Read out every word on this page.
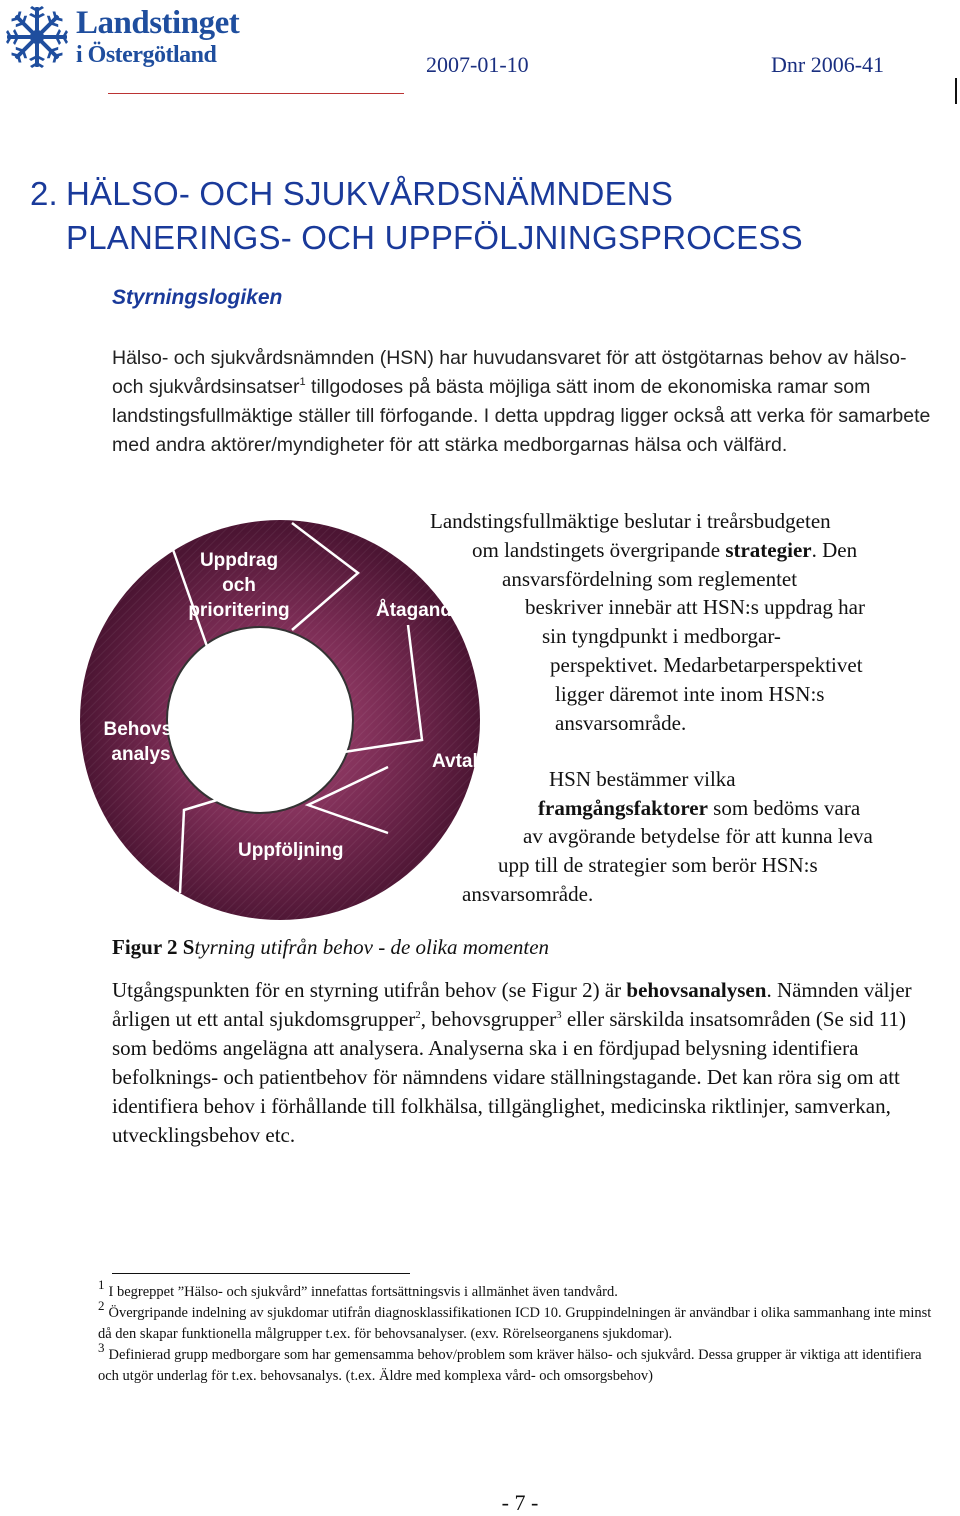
Landstinget
i Östergötland	2007-01-10	Dnr 2006-41
2. HÄLSO- OCH SJUKVÅRDSNÄMNDENS
PLANERINGS- OCH UPPFÖLJNINGSPROCESS
Styrningslogiken
Hälso- och sjukvårdsnämnden (HSN) har huvudansvaret för att östgötarnas behov av hälso- och sjukvårdsinsatser$^1$ tillgodoses på bästa möjliga sätt inom de ekonomiska ramar som landstingsfullmäktige ställer till förfogande. I detta uppdrag ligger också att verka för samarbete med andra aktörer/myndigheter för att stärka medborgarnas hälsa och välfärd.
Uppdrag
och
prioritering	Åtagande
Avtal
Uppföljning
Behovs-
analys

Landstingsfullmäktige beslutar i treårsbudgeten

om landstingets övergripande strategier. Den

ansvarsfördelning som reglementet

beskriver innebär att HSN:s uppdrag har

sin tyngdpunkt i medborgar-

perspektivet. Medarbetarperspektivet

ligger däremot inte inom HSN:s

ansvarsområde.

HSN bestämmer vilka

framgångsfaktorer som bedöms vara

av avgörande betydelse för att kunna leva

upp till de strategier som berör HSN:s

ansvarsområde.

Figur 2 Styrning utifrån behov - de olika momenten
Utgångspunkten för en styrning utifrån behov (se Figur 2) är behovsanalysen. Nämnden väljer årligen ut ett antal sjukdomsgrupper$^2$, behovsgrupper$^3$ eller särskilda insatsområden (Se sid 11) som bedöms angelägna att analysera. Analyserna ska i en fördjupad belysning identifiera befolknings- och patientbehov för nämndens vidare ställningstagande. Det kan röra sig om att identifiera behov i förhållande till folkhälsa, tillgänglighet, medicinska riktlinjer, samverkan, utvecklingsbehov etc.

1 I begreppet ”Hälso- och sjukvård” innefattas fortsättningsvis i allmänhet även tandvård.

2 Övergripande indelning av sjukdomar utifrån diagnosklassifikationen ICD 10. Gruppindelningen är användbar i olika sammanhang inte minst då den skapar funktionella målgrupper t.ex. för behovsanalyser. (exv. Rörelseorganens sjukdomar).

3 Definierad grupp medborgare som har gemensamma behov/problem som kräver hälso- och sjukvård. Dessa grupper är viktiga att identifiera och utgör underlag för t.ex. behovsanalys. (t.ex. Äldre med komplexa vård- och omsorgsbehov)

- 7 -
